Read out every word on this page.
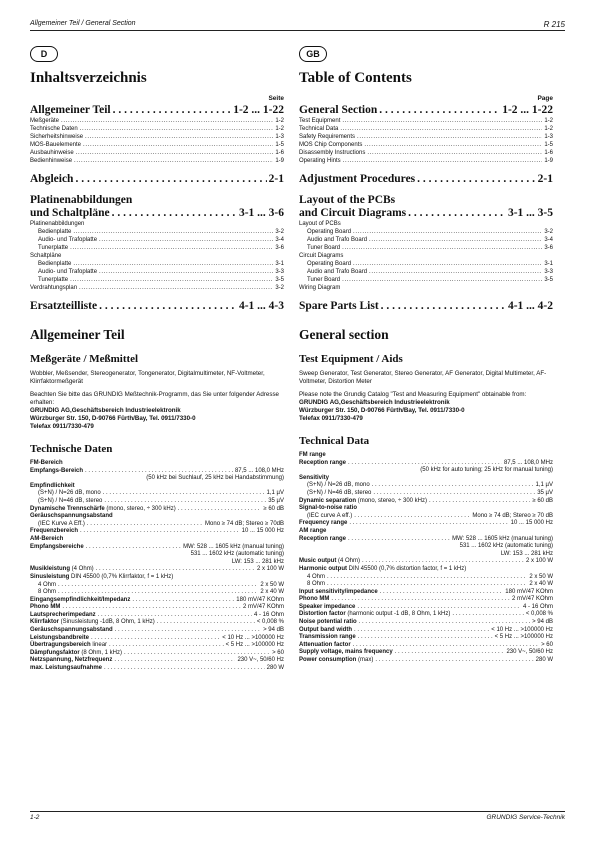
Allgemeiner Teil / General Section	R 215
D
Inhaltsverzeichnis
Seite
Allgemeiner Teil . . .	1-2 ... 1-22
Meßgeräte . . .	1-2
Technische Daten . . .	1-2
Sicherheitshinweise . . .	1-3
MOS-Bauelemente . . .	1-5
Ausbauhinweise . . .	1-6
Bedienhinweise . . .	1-9
Abgleich . . .	2-1
Platinenabbildungen
und Schaltpläne . . .	3-1 ... 3-6
Platinenabbildungen
Bedienplatte . . .	3-2
Audio- und Trafoplatte . . .	3-4
Tunerplatte . . .	3-6
Schaltpläne
Bedienplatte . . .	3-1
Audio- und Trafoplatte . . .	3-3
Tunerplatte . . .	3-5
Verdrahtungsplan . . .	3-2
Ersatzteilliste . . .	4-1 ... 4-3
Allgemeiner Teil
Meßgeräte / Meßmittel

Wobbler, Meßsender, Stereogenerator, Tongenerator, Digitalmultimeter, NF-Voltmeter, Klirrfaktormeßgerät

Beachten Sie bitte das GRUNDIG Meßtechnik-Programm, das Sie unter folgender Adresse erhalten:
GRUNDIG AG,Geschäftsbereich Industrieelektronik
Würzburger Str. 150, D-90766 Fürth/Bay, Tel. 0911/7330-0
Telefax 0911/7330-479

Technische Daten
FM-Bereich
Empfangs-Bereich . . .	87,5 ... 108,0 MHz
(50 kHz bei Suchlauf, 25 kHz bei Handabstimmung)
Empfindlichkeit
(S+N) / N=26 dB, mono . . .	1,1 µV
(S+N) / N=46 dB, stereo . . .	35 µV
Dynamische Trennschärfe (mono, stereo, ÷ 300 kHz) . . .	≥ 60 dB
Geräuschspannungsabstand
(IEC Kurve A Eff.) . . .	Mono ≥ 74 dB; Stereo ≥ 70dB
Frequenzbereich . . .	10 ... 15 000 Hz
AM-Bereich
Empfangsbereiche . . .	MW: 528 ... 1605 kHz (manual tuning)
531 ... 1602 kHz (automatic tuning)
LW: 153 ... 281 kHz
Musikleistung (4 Ohm) . . .	2 x 100 W
Sinusleistung DIN 45500 (0,7% Klirrfaktor, f = 1 kHz)
4 Ohm . . .	2 x 50 W
8 Ohm . . .	2 x 40 W
Eingangsempfindlichkeit/Impedanz . . .	180 mV/47 KOhm
Phono MM . . .	2 mV/47 KOhm
Lautsprecherimpedanz . . .	4 - 16 Ohm
Klirrfaktor (Sinusleistung -1dB, 8 Ohm, 1 kHz) . . .	< 0,008 %
Geräuschspannungsabstand . . .	> 94 dB
Leistungsbandbreite . . .	< 10 Hz ... >100000 Hz
Übertragungsbereich linear . . .	< 5 Hz ... >100000 Hz
Dämpfungsfaktor (8 Ohm, 1 kHz) . . .	> 60
Netzspannung, Netzfrequenz . . .	230 V~, 50/60 Hz
max. Leistungsaufnahme . . .	280 W
GB
Table of Contents
Page
General Section . . .	1-2 ... 1-22
Test Equipment . . .	1-2
Technical Data . . .	1-2
Safety Requirements . . .	1-3
MOS Chip Components . . .	1-5
Disassembly Instructions . . .	1-6
Operating Hints . . .	1-9
Adjustment Procedures . . .	2-1
Layout of the PCBs
and Circuit Diagrams . . .	3-1 ... 3-5
Layout of PCBs
Operating Board . . .	3-2
Audio and Trafo Board . . .	3-4
Tuner Board . . .	3-6
Circuit Diagrams
Operating Board . . .	3-1
Audio and Trafo Board . . .	3-3
Tuner Board . . .	3-5
Wiring Diagram
Spare Parts List . . .	4-1 ... 4-2
General section
Test Equipment / Aids

Sweep Generator, Test Generator, Stereo Generator, AF Generator, Digital Multimeter, AF-Voltmeter, Distortion Meter

Please note the Grundig Catalog "Test and Measuring Equipment" obtainable from:
GRUNDIG AG,Geschäftsbereich Industrieelektronik
Würzburger Str. 150, D-90766 Fürth/Bay, Tel. 0911/7330-0
Telefax 0911/7330-479

Technical Data
FM range
Reception range . . .	87,5 ... 108,0 MHz
(50 kHz for auto tuning; 25 kHz for manual tuning)
Sensitivity
(S+N) / N=26 dB, mono . . .	1,1 µV
(S+N) / N=46 dB, stereo . . .	35 µV
Dynamic separation (mono, stereo, ÷ 300 kHz) . . .	≥ 60 dB
Signal-to-noise ratio
(IEC curve A eff.) . . .	Mono ≥ 74 dB; Stereo ≥ 70 dB
Frequency range . . .	10 ... 15 000 Hz
AM range
Reception range . . .	MW: 528 ... 1605 kHz (manual tuning)
531 ... 1602 kHz (automatic tuning)
LW: 153 ... 281 kHz
Music output (4 Ohm) . . .	2 x 100 W
Harmonic output DIN 45500 (0,7% distortion factor, f = 1 kHz)
4 Ohm . . .	2 x 50 W
8 Ohm . . .	2 x 40 W
Input sensitivity/impedance . . .	180 mV/47 KOhm
Phono MM . . .	2 mV/47 KOhm
Speaker impedance . . .	4 - 16 Ohm
Distortion factor (harmonic output -1 dB, 8 Ohm, 1 kHz) . . .	< 0,008 %
Noise potential ratio . . .	> 94 dB
Output band width . . .	< 10 Hz ... >100000 Hz
Transmission range . . .	< 5 Hz ... >100000 Hz
Attenuation factor . . .	> 60
Supply voltage, mains frequency . . .	230 V~, 50/60 Hz
Power consumption (max) . . .	280 W
1-2	GRUNDIG Service-Technik
